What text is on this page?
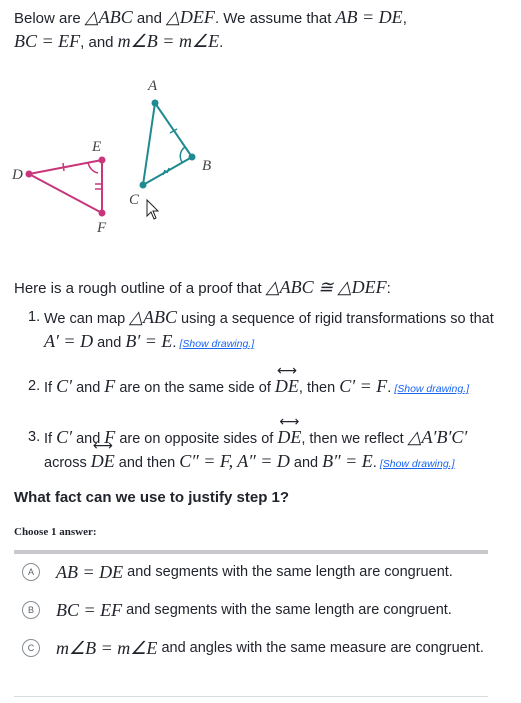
Below are △ABC and △DEF. We assume that AB = DE,
BC = EF, and m∠B = m∠E.
A
B
C
D
E
F
Here is a rough outline of a proof that △ABC ≅ △DEF:
1. We can map △ABC using a sequence of rigid transformations so that
A′ = D and B′ = E. [Show drawing.]
2. If C′ and F are on the same side of ⟷ DE, then C′ = F. [Show drawing.]
3. If C′ and F are on opposite sides of ⟷ DE, then we reflect △A′B′C′
across ⟷ DE and then C″ = F, A″ = D and B″ = E. [Show drawing.]
What fact can we use to justify step 1?
Choose 1 answer:
A	AB = DE and segments with the same length are congruent.
B	BC = EF and segments with the same length are congruent.
C	m∠B = m∠E and angles with the same measure are congruent.
